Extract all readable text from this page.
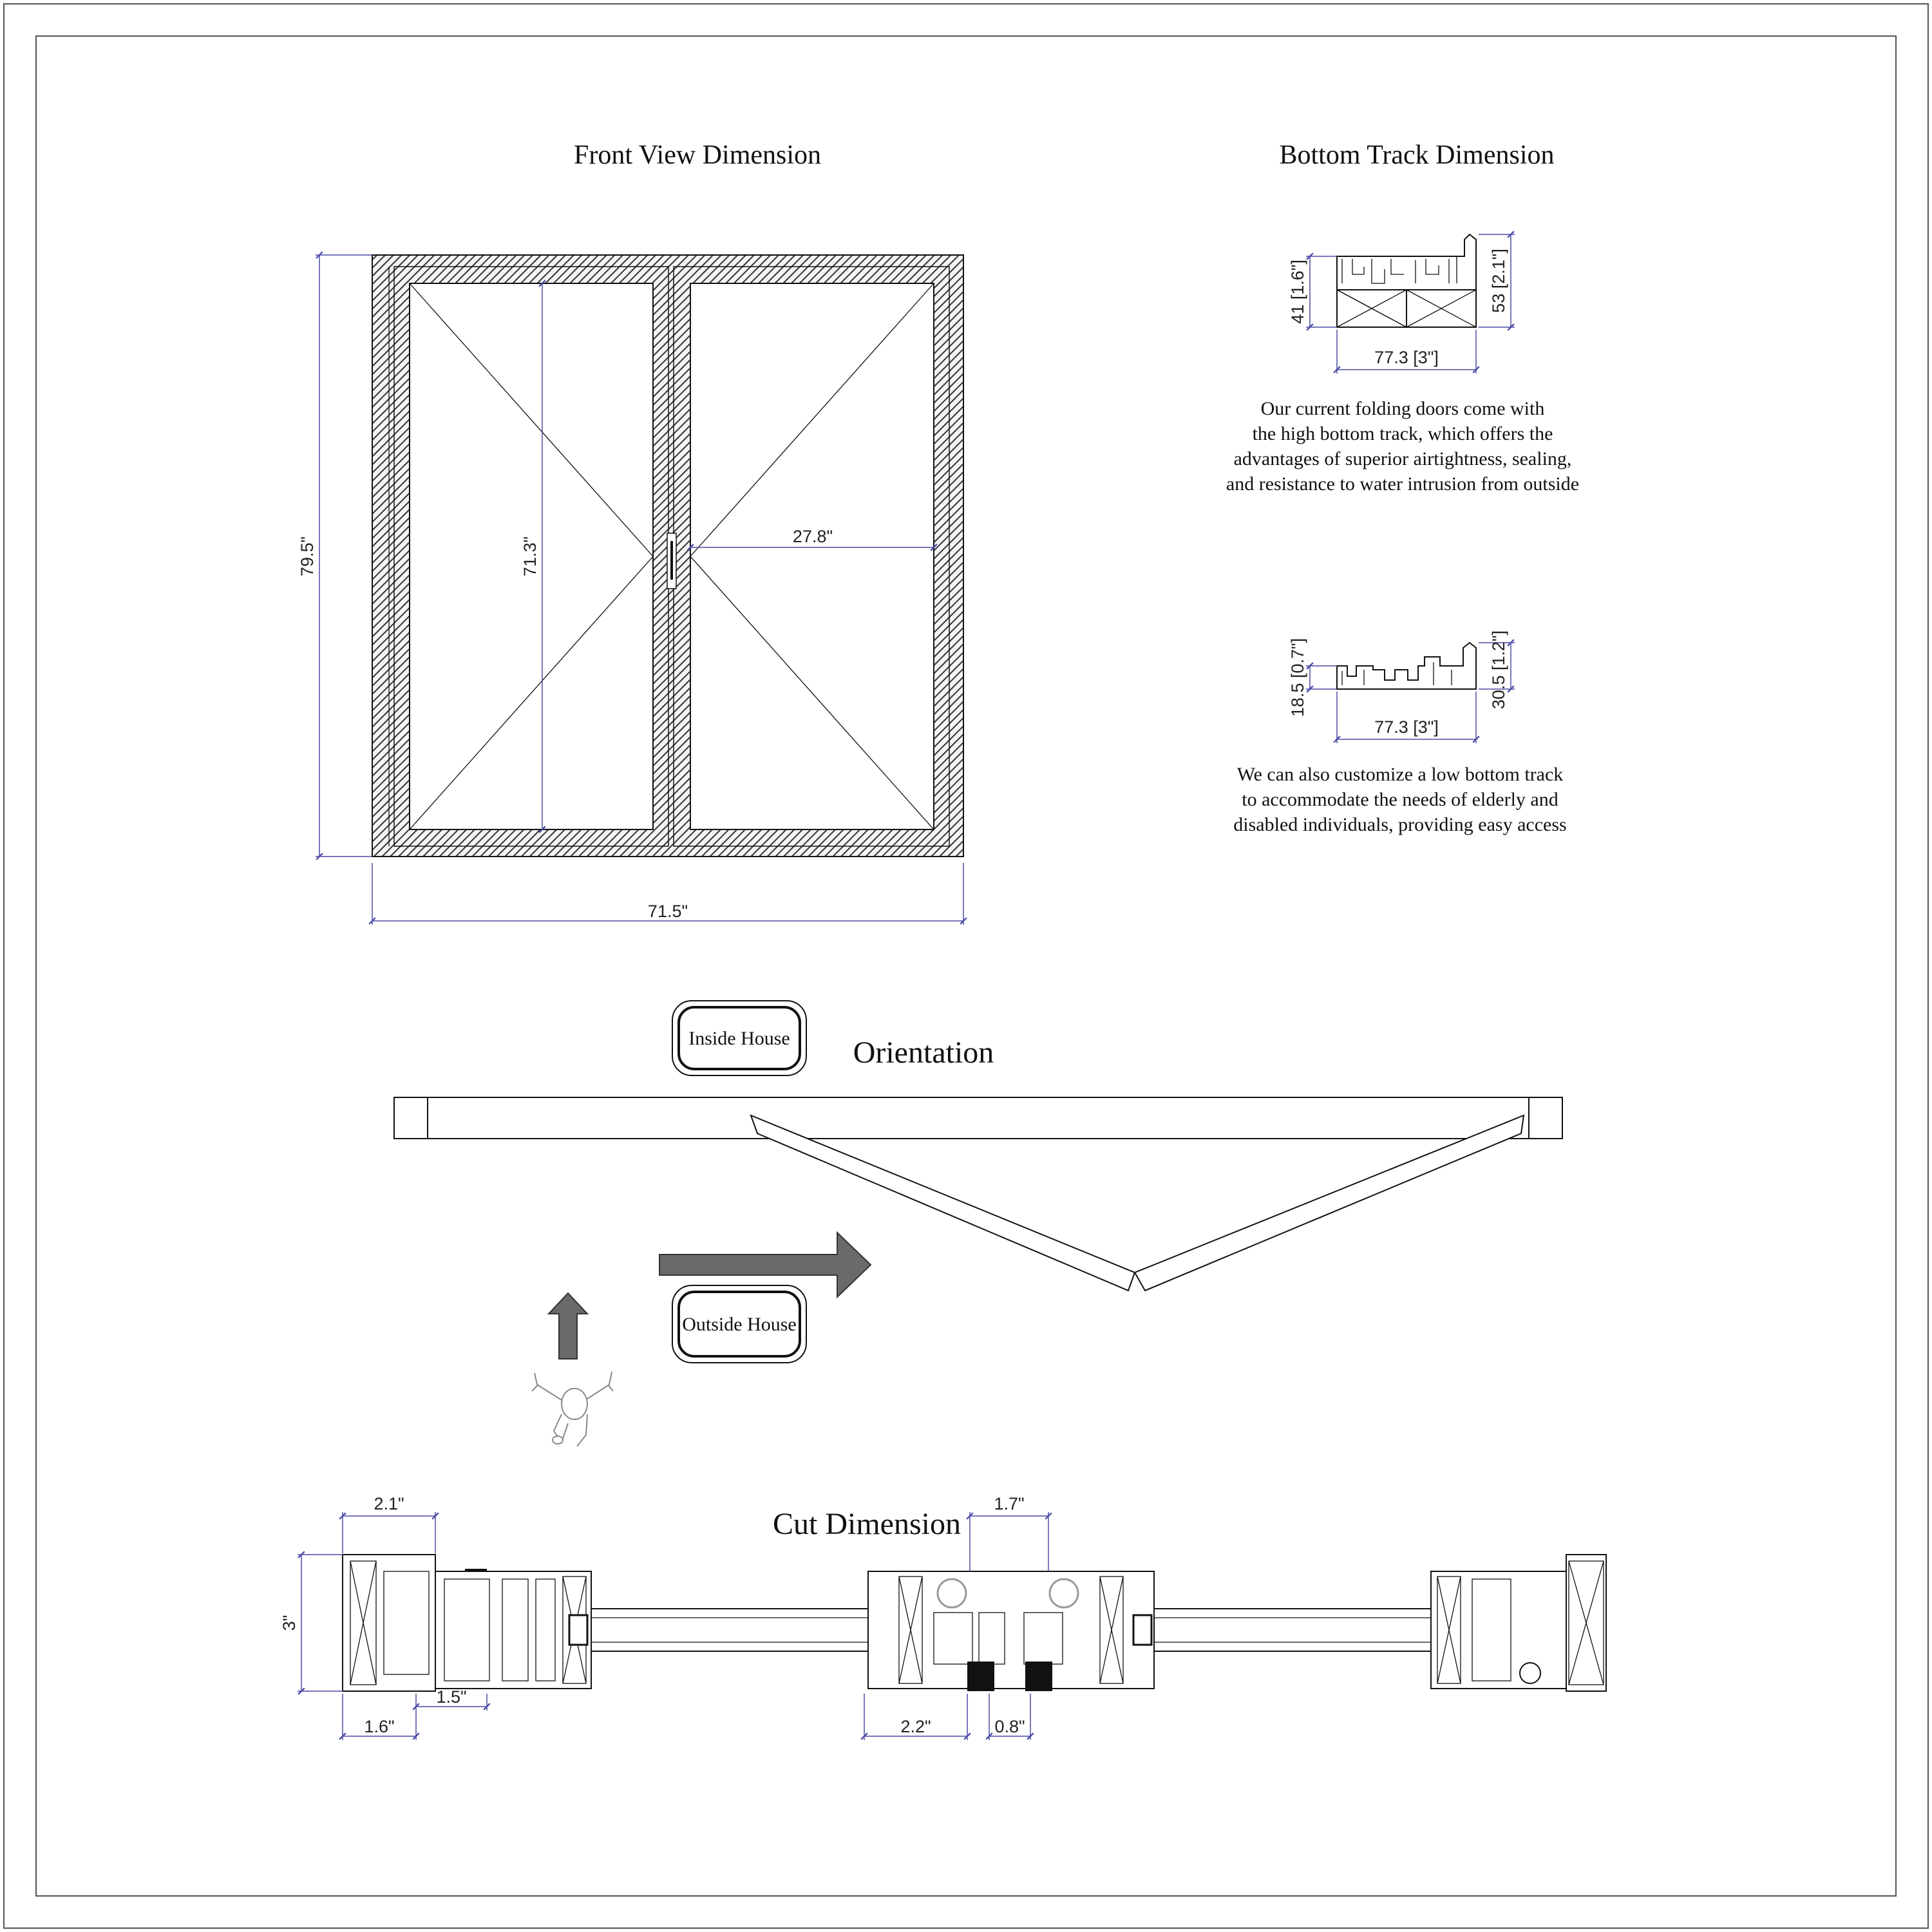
Front View Dimension
79.5"
71.5"
71.3"	27.8"
Bottom Track Dimension
41 [1.6"]	53 [2.1"]
77.3 [3"]
Our current folding doors come with
the high bottom track, which offers the
advantages of superior airtightness, sealing,
and resistance to water intrusion from outside
18.5 [0.7"]	30.5 [1.2"]
77.3 [3"]
We can also customize a low bottom track
to accommodate the needs of elderly and
disabled individuals, providing easy access
Inside House Orientation
Outside House
Cut Dimension
2.1"	1.7"
3"
1.6"
1.5"
2.2"	0.8"
